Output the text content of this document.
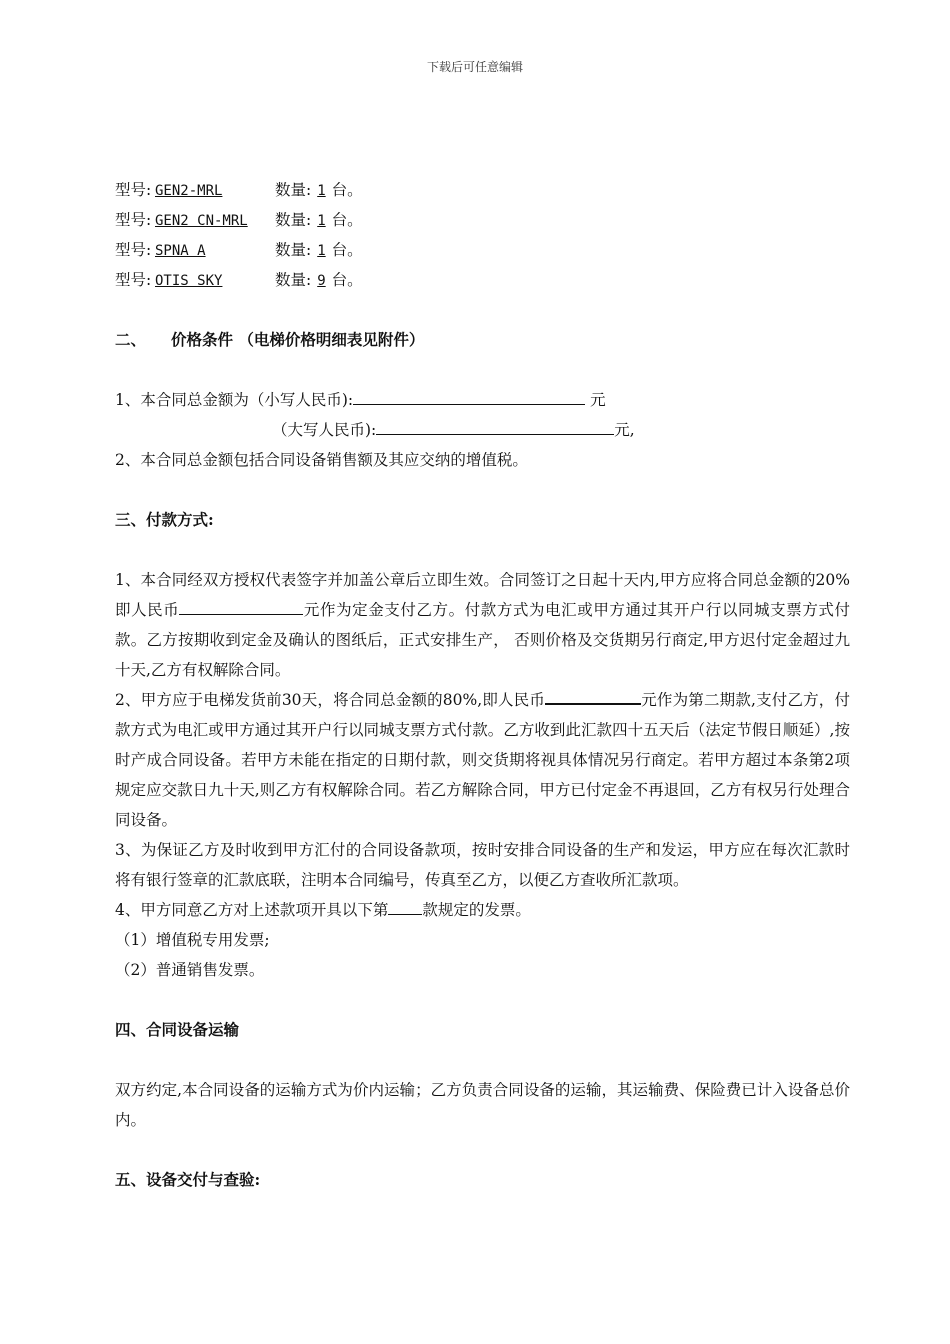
下载后可任意编辑
型号: GEN2-MRL	数量: 1 台。
型号: GEN2 CN-MRL 数量: 1 台。
型号: SPNA A	数量: 1 台。
型号: OTIS SKY	数量: 9 台。
二、 价格条件 （电梯价格明细表见附件）
1、本合同总金额为（小写人民币):	元
（大写人民币):	元,
2、本合同总金额包括合同设备销售额及其应交纳的增值税。
三、付款方式:
1、本合同经双方授权代表签字并加盖公章后立即生效。合同签订之日起十天内,甲方应将合同总金额的20%即人民币	元作为定金支付乙方。付款方式为电汇或甲方通过其开户行以同城支票方式付款。乙方按期收到定金及确认的图纸后，正式安排生产， 否则价格及交货期另行商定,甲方迟付定金超过九十天,乙方有权解除合同。
2、甲方应于电梯发货前30天，将合同总金额的80%,即人民币	元作为第二期款,支付乙方，付款方式为电汇或甲方通过其开户行以同城支票方式付款。乙方收到此汇款四十五天后（法定节假日顺延）,按时产成合同设备。若甲方未能在指定的日期付款，则交货期将视具体情况另行商定。若甲方超过本条第2项规定应交款日九十天,则乙方有权解除合同。若乙方解除合同，甲方已付定金不再退回，乙方有权另行处理合同设备。
3、为保证乙方及时收到甲方汇付的合同设备款项，按时安排合同设备的生产和发运，甲方应在每次汇款时将有银行签章的汇款底联，注明本合同编号，传真至乙方，以便乙方查收所汇款项。
4、甲方同意乙方对上述款项开具以下第 款规定的发票。
（1）增值税专用发票;
（2）普通销售发票。
四、合同设备运输
双方约定,本合同设备的运输方式为价内运输；乙方负责合同设备的运输，其运输费、保险费已计入设备总价内。
五、设备交付与查验:
